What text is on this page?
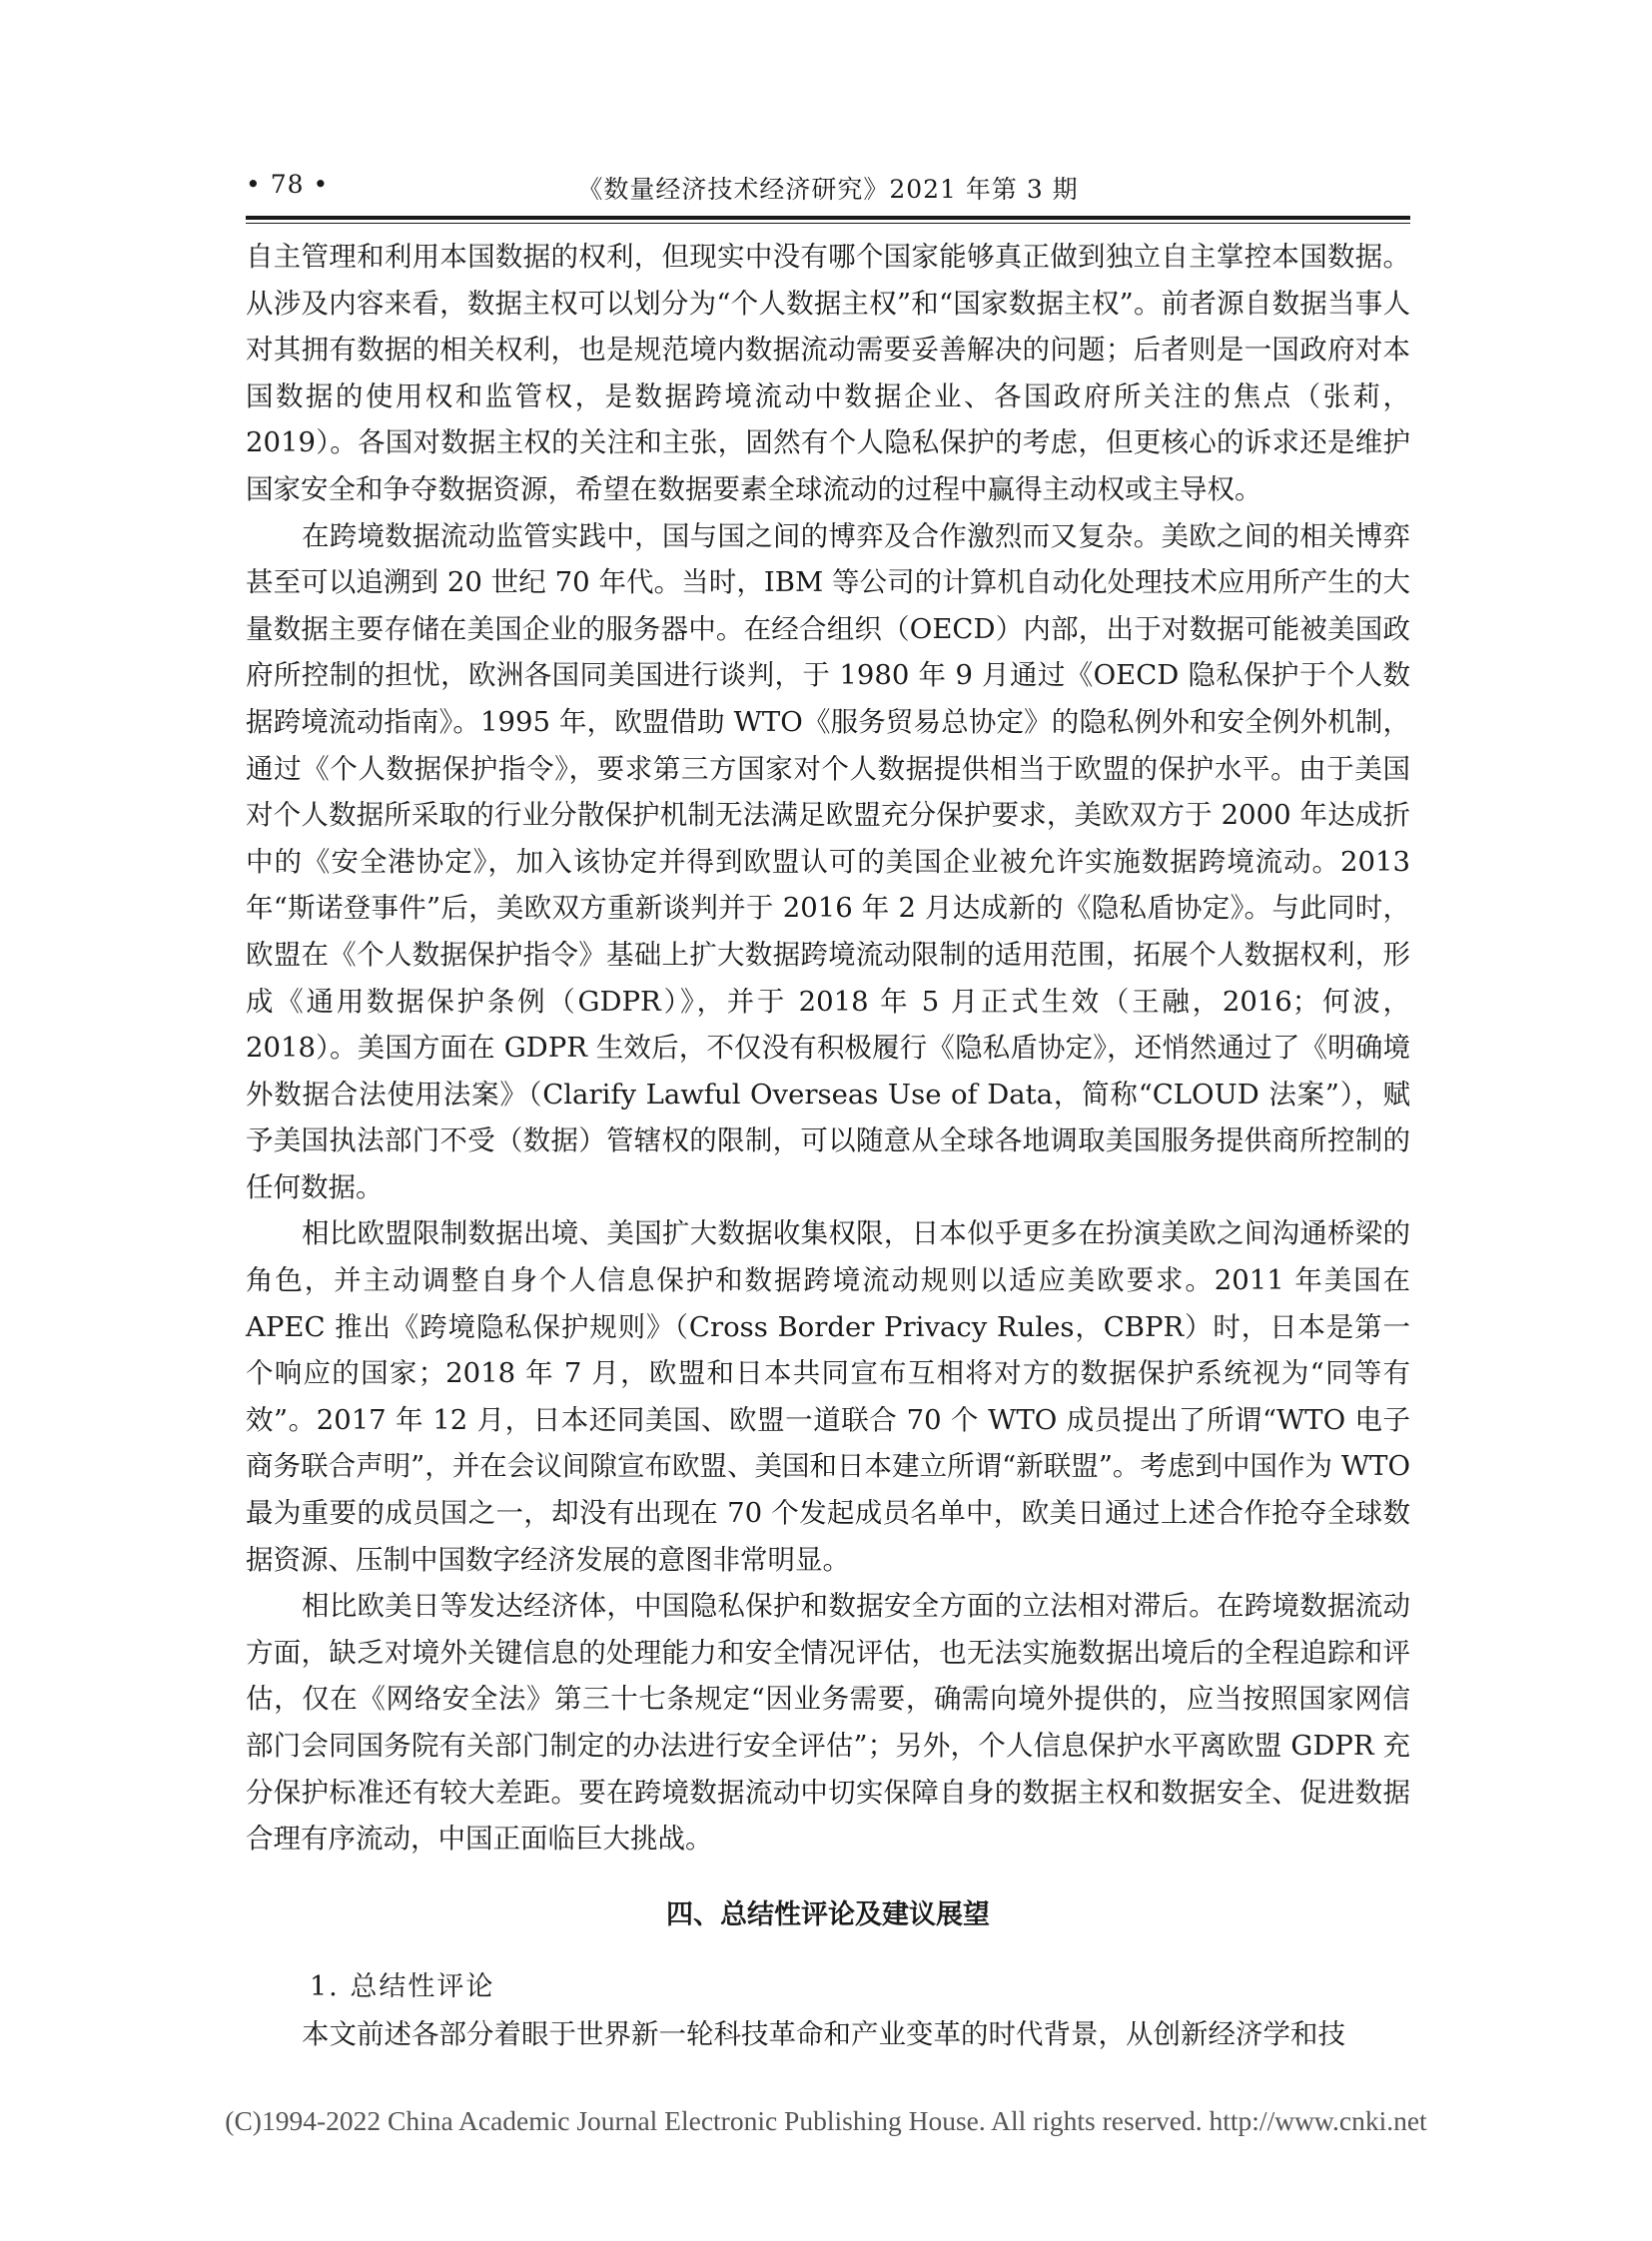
• 78 •	《数量经济技术经济研究》2021 年第 3 期

自主管理和利用本国数据的权利，但现实中没有哪个国家能够真正做到独立自主掌控本国数据。从涉及内容来看，数据主权可以划分为“个人数据主权”和“国家数据主权”。前者源自数据当事人对其拥有数据的相关权利，也是规范境内数据流动需要妥善解决的问题；后者则是一国政府对本国数据的使用权和监管权，是数据跨境流动中数据企业、各国政府所关注的焦点（张莉，2019）。各国对数据主权的关注和主张，固然有个人隐私保护的考虑，但更核心的诉求还是维护国家安全和争夺数据资源，希望在数据要素全球流动的过程中赢得主动权或主导权。

在跨境数据流动监管实践中，国与国之间的博弈及合作激烈而又复杂。美欧之间的相关博弈甚至可以追溯到 20 世纪 70 年代。当时，IBM 等公司的计算机自动化处理技术应用所产生的大量数据主要存储在美国企业的服务器中。在经合组织（OECD）内部，出于对数据可能被美国政府所控制的担忧，欧洲各国同美国进行谈判，于 1980 年 9 月通过《OECD 隐私保护于个人数据跨境流动指南》。1995 年，欧盟借助 WTO《服务贸易总协定》的隐私例外和安全例外机制，通过《个人数据保护指令》，要求第三方国家对个人数据提供相当于欧盟的保护水平。由于美国对个人数据所采取的行业分散保护机制无法满足欧盟充分保护要求，美欧双方于 2000 年达成折中的《安全港协定》，加入该协定并得到欧盟认可的美国企业被允许实施数据跨境流动。2013 年“斯诺登事件”后，美欧双方重新谈判并于 2016 年 2 月达成新的《隐私盾协定》。与此同时，欧盟在《个人数据保护指令》基础上扩大数据跨境流动限制的适用范围，拓展个人数据权利，形成《通用数据保护条例（GDPR）》，并于 2018 年 5 月正式生效（王融，2016；何波，2018）。美国方面在 GDPR 生效后，不仅没有积极履行《隐私盾协定》，还悄然通过了《明确境外数据合法使用法案》（Clarify Lawful Overseas Use of Data，简称“CLOUD 法案”），赋予美国执法部门不受（数据）管辖权的限制，可以随意从全球各地调取美国服务提供商所控制的任何数据。

相比欧盟限制数据出境、美国扩大数据收集权限，日本似乎更多在扮演美欧之间沟通桥梁的角色，并主动调整自身个人信息保护和数据跨境流动规则以适应美欧要求。2011 年美国在 APEC 推出《跨境隐私保护规则》（Cross Border Privacy Rules，CBPR）时，日本是第一个响应的国家；2018 年 7 月，欧盟和日本共同宣布互相将对方的数据保护系统视为“同等有效”。2017 年 12 月，日本还同美国、欧盟一道联合 70 个 WTO 成员提出了所谓“WTO 电子商务联合声明”，并在会议间隙宣布欧盟、美国和日本建立所谓“新联盟”。考虑到中国作为 WTO 最为重要的成员国之一，却没有出现在 70 个发起成员名单中，欧美日通过上述合作抢夺全球数据资源、压制中国数字经济发展的意图非常明显。

相比欧美日等发达经济体，中国隐私保护和数据安全方面的立法相对滞后。在跨境数据流动方面，缺乏对境外关键信息的处理能力和安全情况评估，也无法实施数据出境后的全程追踪和评估，仅在《网络安全法》第三十七条规定“因业务需要，确需向境外提供的，应当按照国家网信部门会同国务院有关部门制定的办法进行安全评估”；另外，个人信息保护水平离欧盟 GDPR 充分保护标准还有较大差距。要在跨境数据流动中切实保障自身的数据主权和数据安全、促进数据合理有序流动，中国正面临巨大挑战。

四、总结性评论及建议展望

1. 总结性评论

本文前述各部分着眼于世界新一轮科技革命和产业变革的时代背景，从创新经济学和技

(C)1994-2022 China Academic Journal Electronic Publishing House. All rights reserved. http://www.cnki.net
